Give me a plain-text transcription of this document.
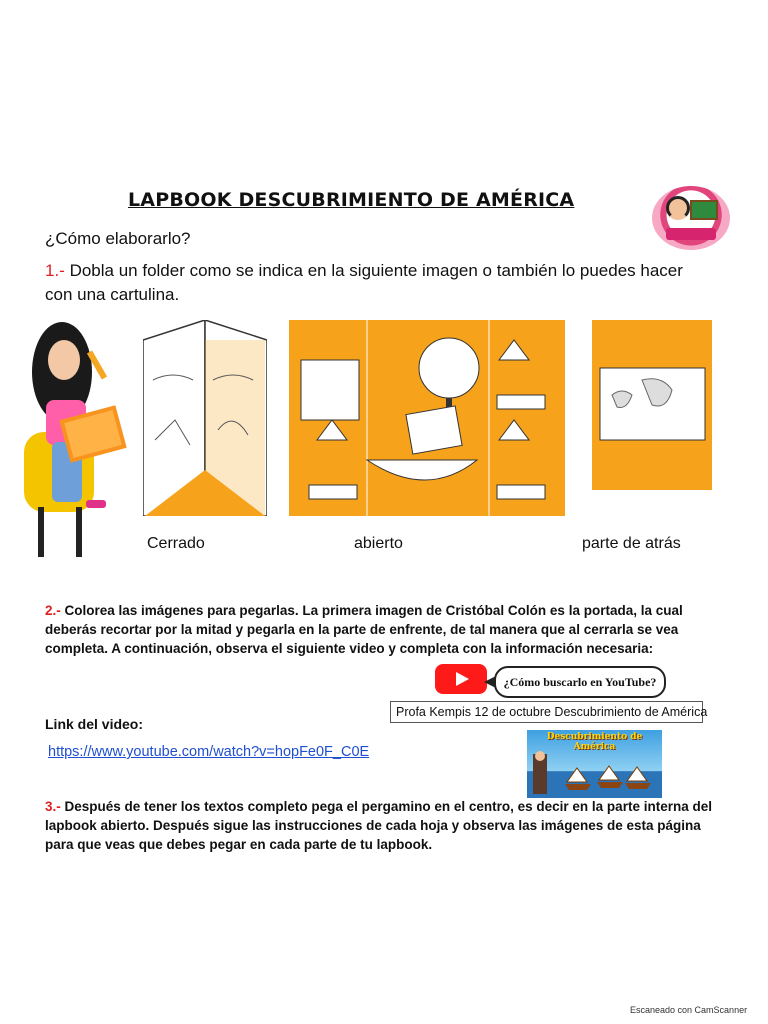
LAPBOOK DESCUBRIMIENTO DE AMÉRICA
¿Cómo elaborarlo?
1.- Dobla un folder como se indica en la siguiente imagen o también lo puedes hacer con una cartulina.
Cerrado	abierto	parte de atrás
2.- Colorea las imágenes para pegarlas. La primera imagen de Cristóbal Colón es la portada, la cual deberás recortar por la mitad y pegarla en la parte de enfrente, de tal manera que al cerrarla se vea completa. A continuación, observa el siguiente video y completa con la información necesaria:
¿Cómo buscarlo en YouTube?
Profa Kempis 12 de octubre Descubrimiento de América
Link del video:
https://www.youtube.com/watch?v=hopFe0F_C0E
Descubrimiento de América
3.- Después de tener los textos completo pega el pergamino en el centro, es decir en la parte interna del lapbook abierto. Después sigue las instrucciones de cada hoja y observa las imágenes de esta página para que veas que debes pegar en cada parte de tu lapbook.
Escaneado con CamScanner
